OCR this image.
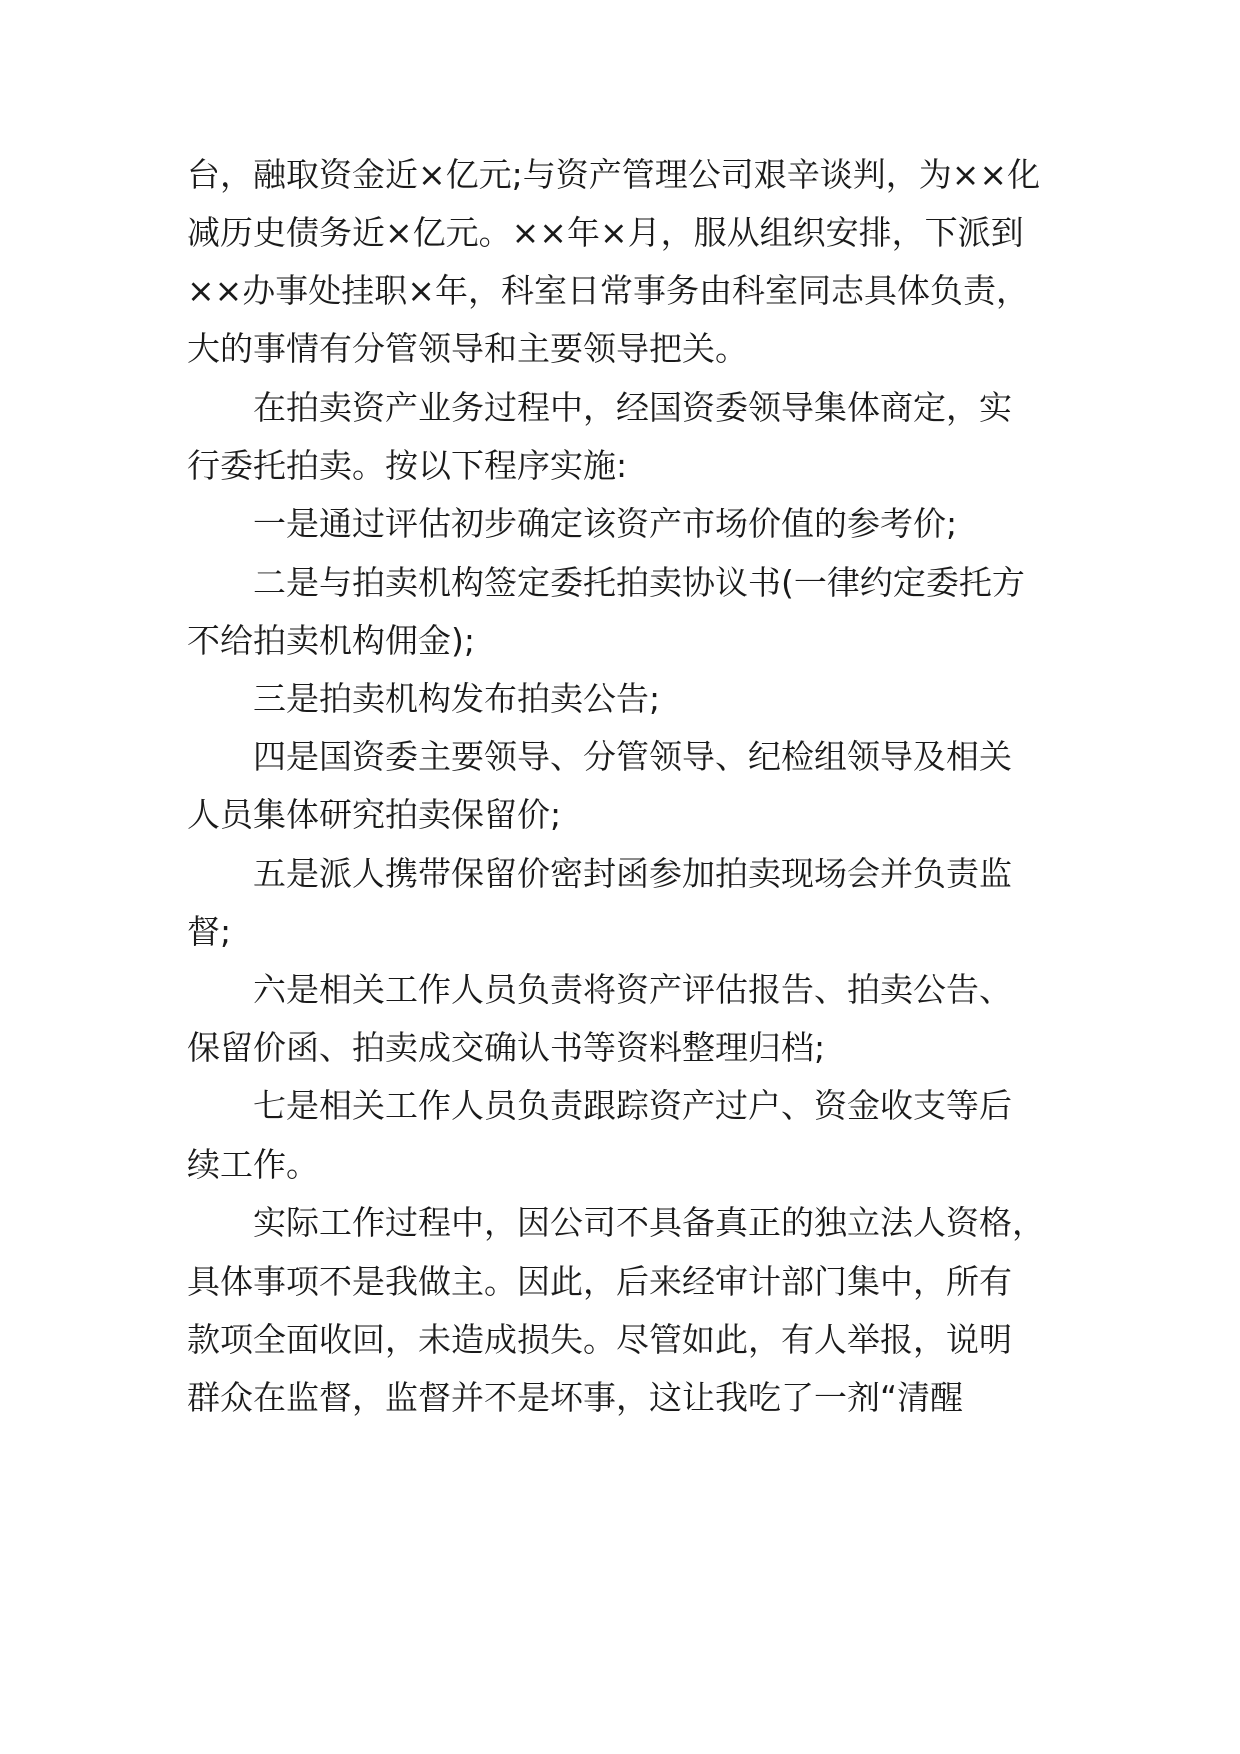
台，融取资金近×亿元;与资产管理公司艰辛谈判，为××化

减历史债务近×亿元。××年×月，服从组织安排，下派到

××办事处挂职×年，科室日常事务由科室同志具体负责，

大的事情有分管领导和主要领导把关。

在拍卖资产业务过程中，经国资委领导集体商定，实

行委托拍卖。按以下程序实施:

一是通过评估初步确定该资产市场价值的参考价;

二是与拍卖机构签定委托拍卖协议书(一律约定委托方

不给拍卖机构佣金);

三是拍卖机构发布拍卖公告;

四是国资委主要领导、分管领导、纪检组领导及相关

人员集体研究拍卖保留价;

五是派人携带保留价密封函参加拍卖现场会并负责监

督;

六是相关工作人员负责将资产评估报告、拍卖公告、

保留价函、拍卖成交确认书等资料整理归档;

七是相关工作人员负责跟踪资产过户、资金收支等后

续工作。

实际工作过程中，因公司不具备真正的独立法人资格，

具体事项不是我做主。因此，后来经审计部门集中，所有

款项全面收回，未造成损失。尽管如此，有人举报，说明

群众在监督，监督并不是坏事，这让我吃了一剂“清醒
